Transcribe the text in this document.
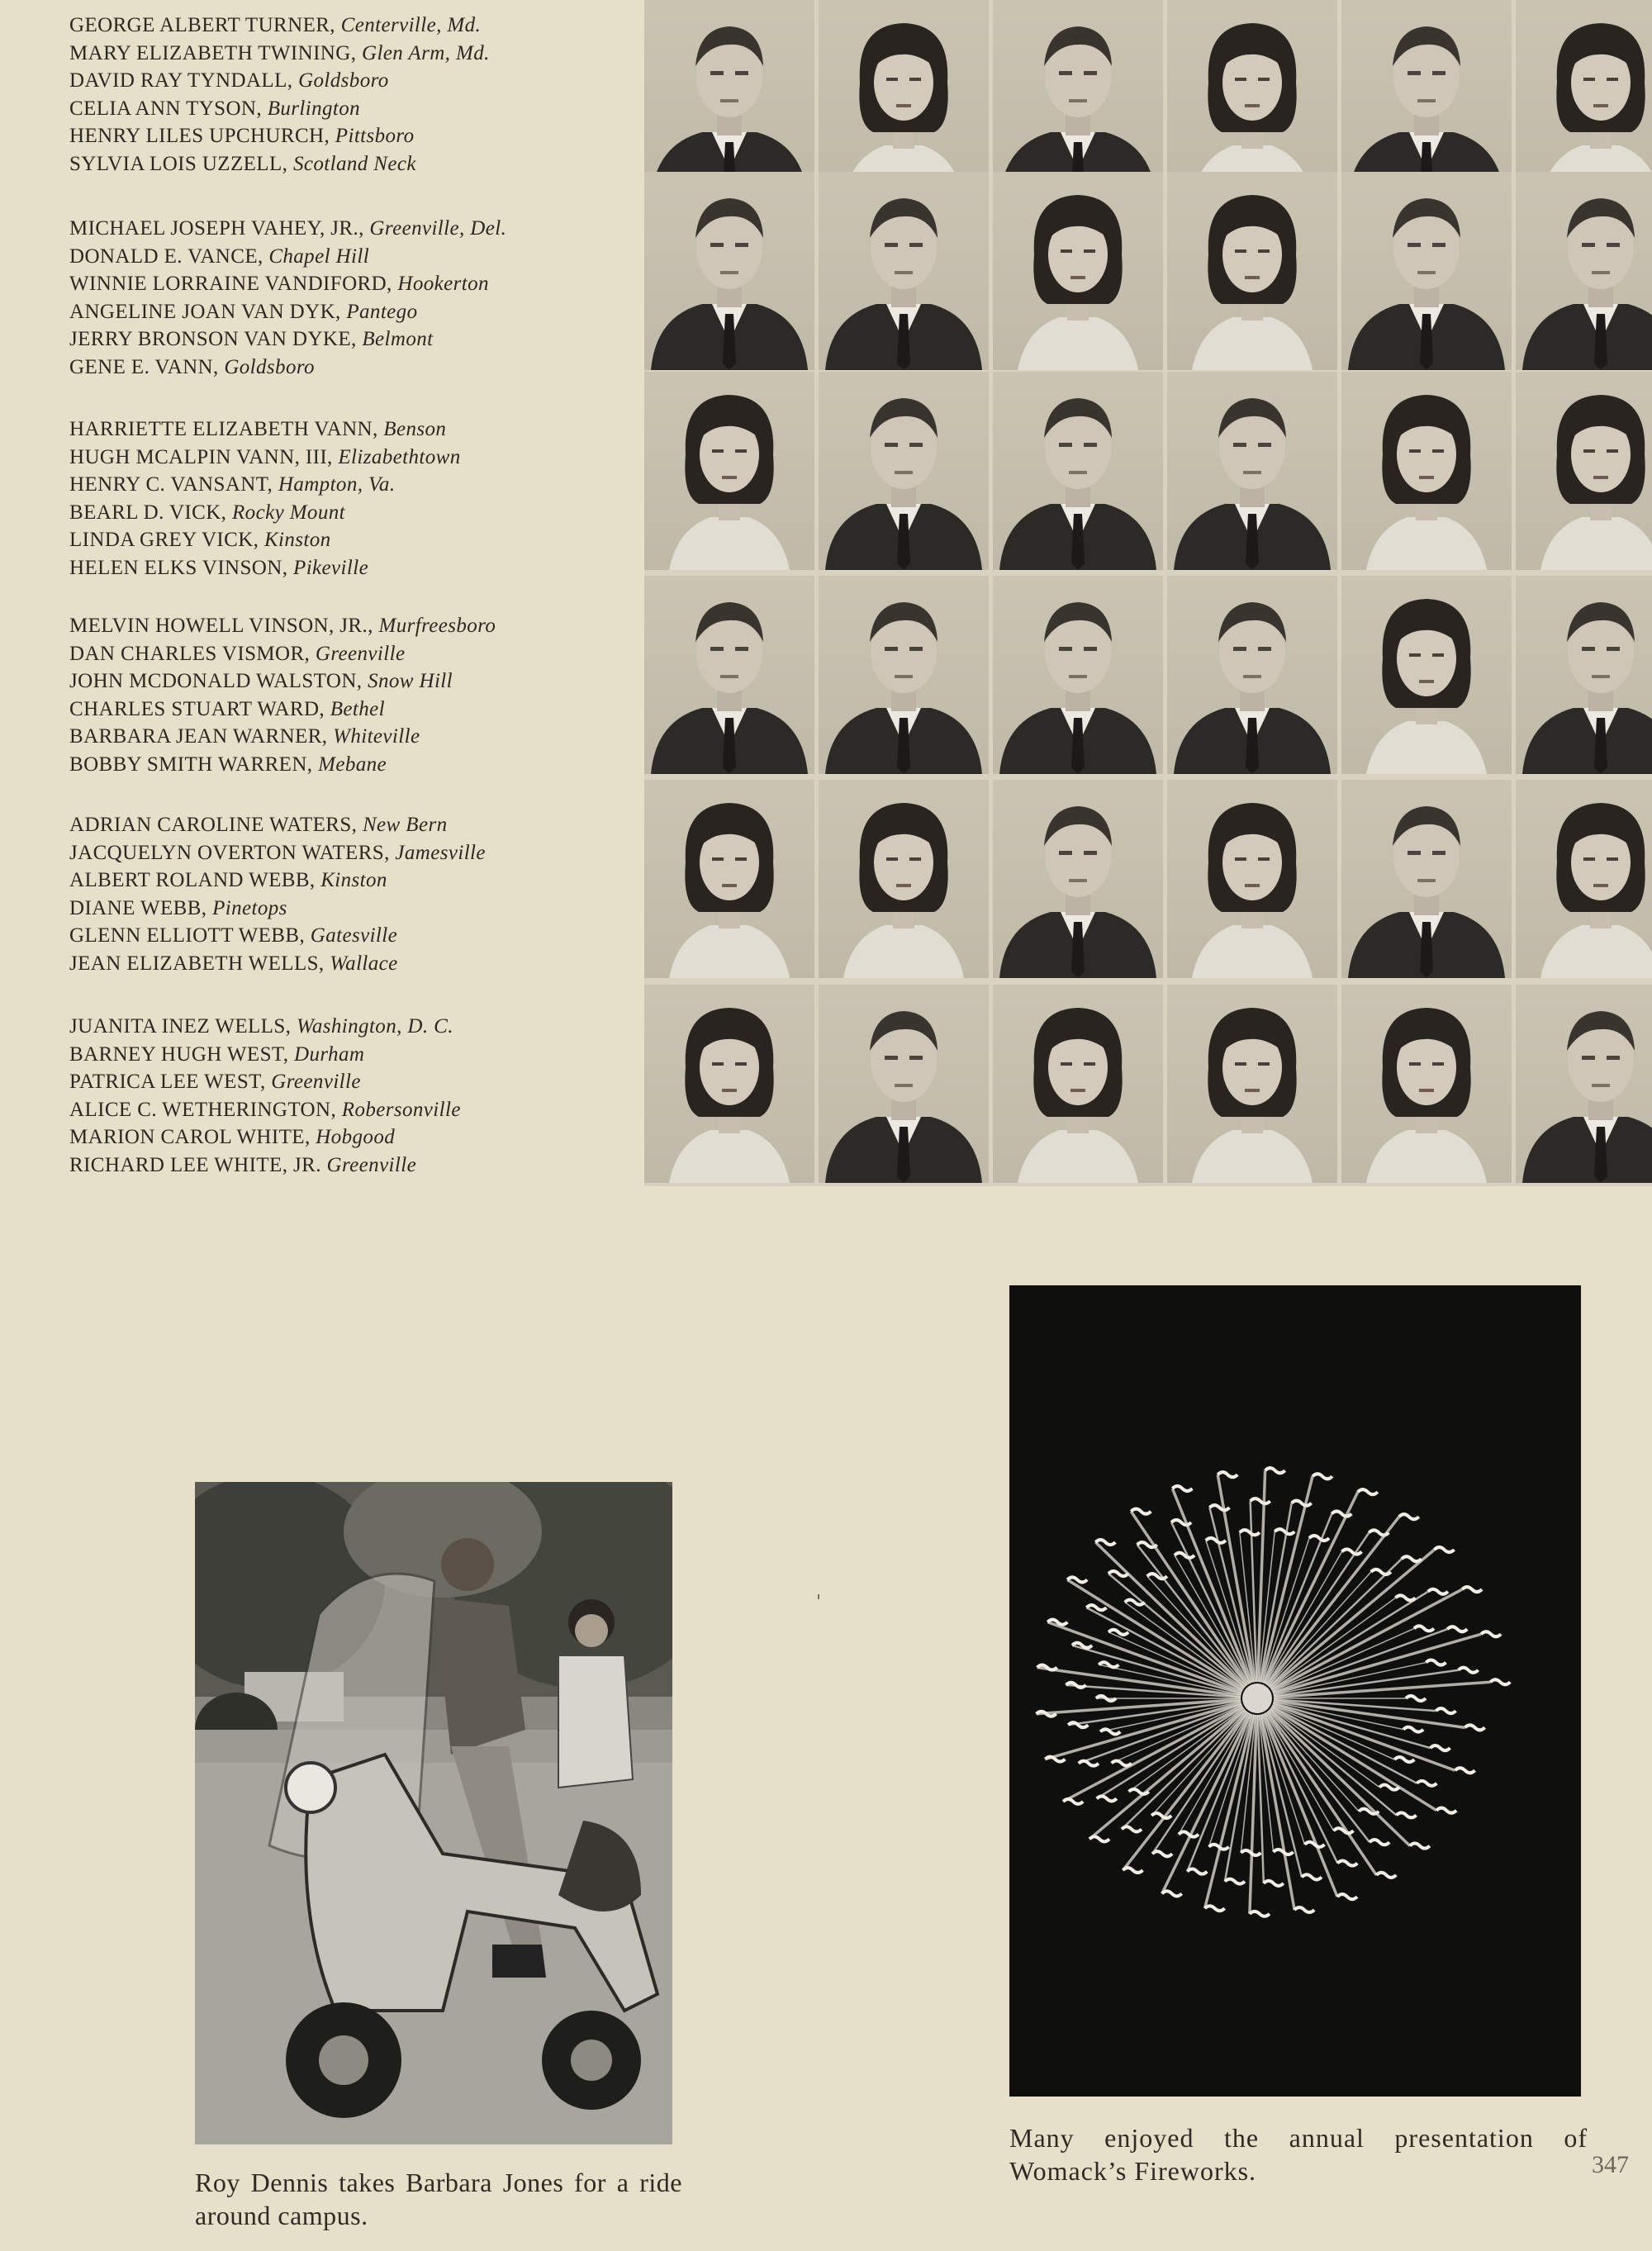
GEORGE ALBERT TURNER, Centerville, Md.
MARY ELIZABETH TWINING, Glen Arm, Md.
DAVID RAY TYNDALL, Goldsboro
CELIA ANN TYSON, Burlington
HENRY LILES UPCHURCH, Pittsboro
SYLVIA LOIS UZZELL, Scotland Neck
MICHAEL JOSEPH VAHEY, JR., Greenville, Del.
DONALD E. VANCE, Chapel Hill
WINNIE LORRAINE VANDIFORD, Hookerton
ANGELINE JOAN VAN DYK, Pantego
JERRY BRONSON VAN DYKE, Belmont
GENE E. VANN, Goldsboro
HARRIETTE ELIZABETH VANN, Benson
HUGH MCALPIN VANN, III, Elizabethtown
HENRY C. VANSANT, Hampton, Va.
BEARL D. VICK, Rocky Mount
LINDA GREY VICK, Kinston
HELEN ELKS VINSON, Pikeville
MELVIN HOWELL VINSON, JR., Murfreesboro
DAN CHARLES VISMOR, Greenville
JOHN MCDONALD WALSTON, Snow Hill
CHARLES STUART WARD, Bethel
BARBARA JEAN WARNER, Whiteville
BOBBY SMITH WARREN, Mebane
ADRIAN CAROLINE WATERS, New Bern
JACQUELYN OVERTON WATERS, Jamesville
ALBERT ROLAND WEBB, Kinston
DIANE WEBB, Pinetops
GLENN ELLIOTT WEBB, Gatesville
JEAN ELIZABETH WELLS, Wallace
JUANITA INEZ WELLS, Washington, D. C.
BARNEY HUGH WEST, Durham
PATRICA LEE WEST, Greenville
ALICE C. WETHERINGTON, Robersonville
MARION CAROL WHITE, Hobgood
RICHARD LEE WHITE, JR. Greenville
Roy Dennis takes Barbara Jones for a ride around campus.
Many enjoyed the annual presentation of Womack’s Fireworks.	347
